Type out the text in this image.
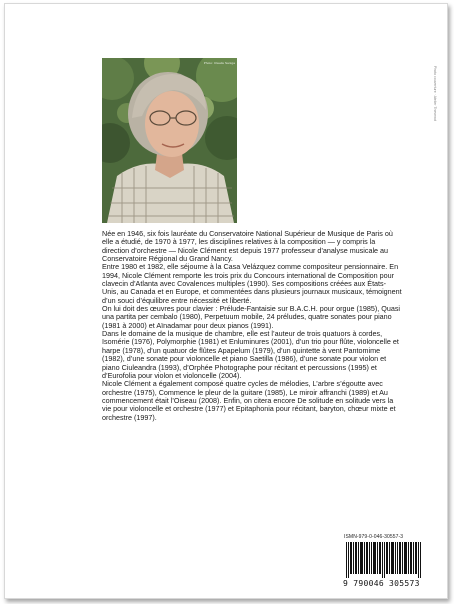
Photo: Claude Saniga
Photo couverture · Atelier Thevenot

Née en 1946, six fois lauréate du Conservatoire National Supérieur de Musique de Paris où elle a étudié, de 1970 à 1977, les disciplines relatives à la composition — y compris la direction d’orchestre — Nicole Clément est depuis 1977 professeur d’analyse musicale au Conservatoire Régional du Grand Nancy.

Entre 1980 et 1982, elle séjourne à la Casa Velázquez comme compositeur pensionnaire. En 1994, Nicole Clément remporte les trois prix du Concours international de Composition pour clavecin d’Atlanta avec Covalences multiples (1990). Ses compositions créées aux États-Unis, au Canada et en Europe, et commentées dans plusieurs journaux musicaux, témoignent d’un souci d’équilibre entre nécessité et liberté.

On lui doit des œuvres pour clavier : Prélude-Fantaisie sur B.A.C.H. pour orgue (1985), Quasi una partita per cembalo (1980), Perpetuum mobile, 24 préludes, quatre sonates pour piano (1981 à 2000) et Aïnadamar pour deux pianos (1991).

Dans le domaine de la musique de chambre, elle est l’auteur de trois quatuors à cordes, Isomérie (1976), Polymorphie (1981) et Enluminures (2001), d’un trio pour flûte, violoncelle et harpe (1978), d’un quatuor de flûtes Apapelum (1979), d’un quintette à vent Pantomime (1982), d’une sonate pour violoncelle et piano Saetilla (1986), d’une sonate pour violon et piano Ciuleandra (1993), d’Orphée Photographe pour récitant et percussions (1995) et d’Eurofolia pour violon et violoncelle (2004).

Nicole Clément a également composé quatre cycles de mélodies, L’arbre s’égoutte avec orchestre (1975), Commence le pleur de la guitare (1985), Le miroir affranchi (1989) et Au commencement était l’Oiseau (2008). Enfin, on citera encore De solitude en solitude vers la vie pour violoncelle et orchestre (1977) et Epitaphonia pour récitant, baryton, chœur mixte et orchestre (1997).

ISMN-979-0-046-30557-3
9 790046 305573
